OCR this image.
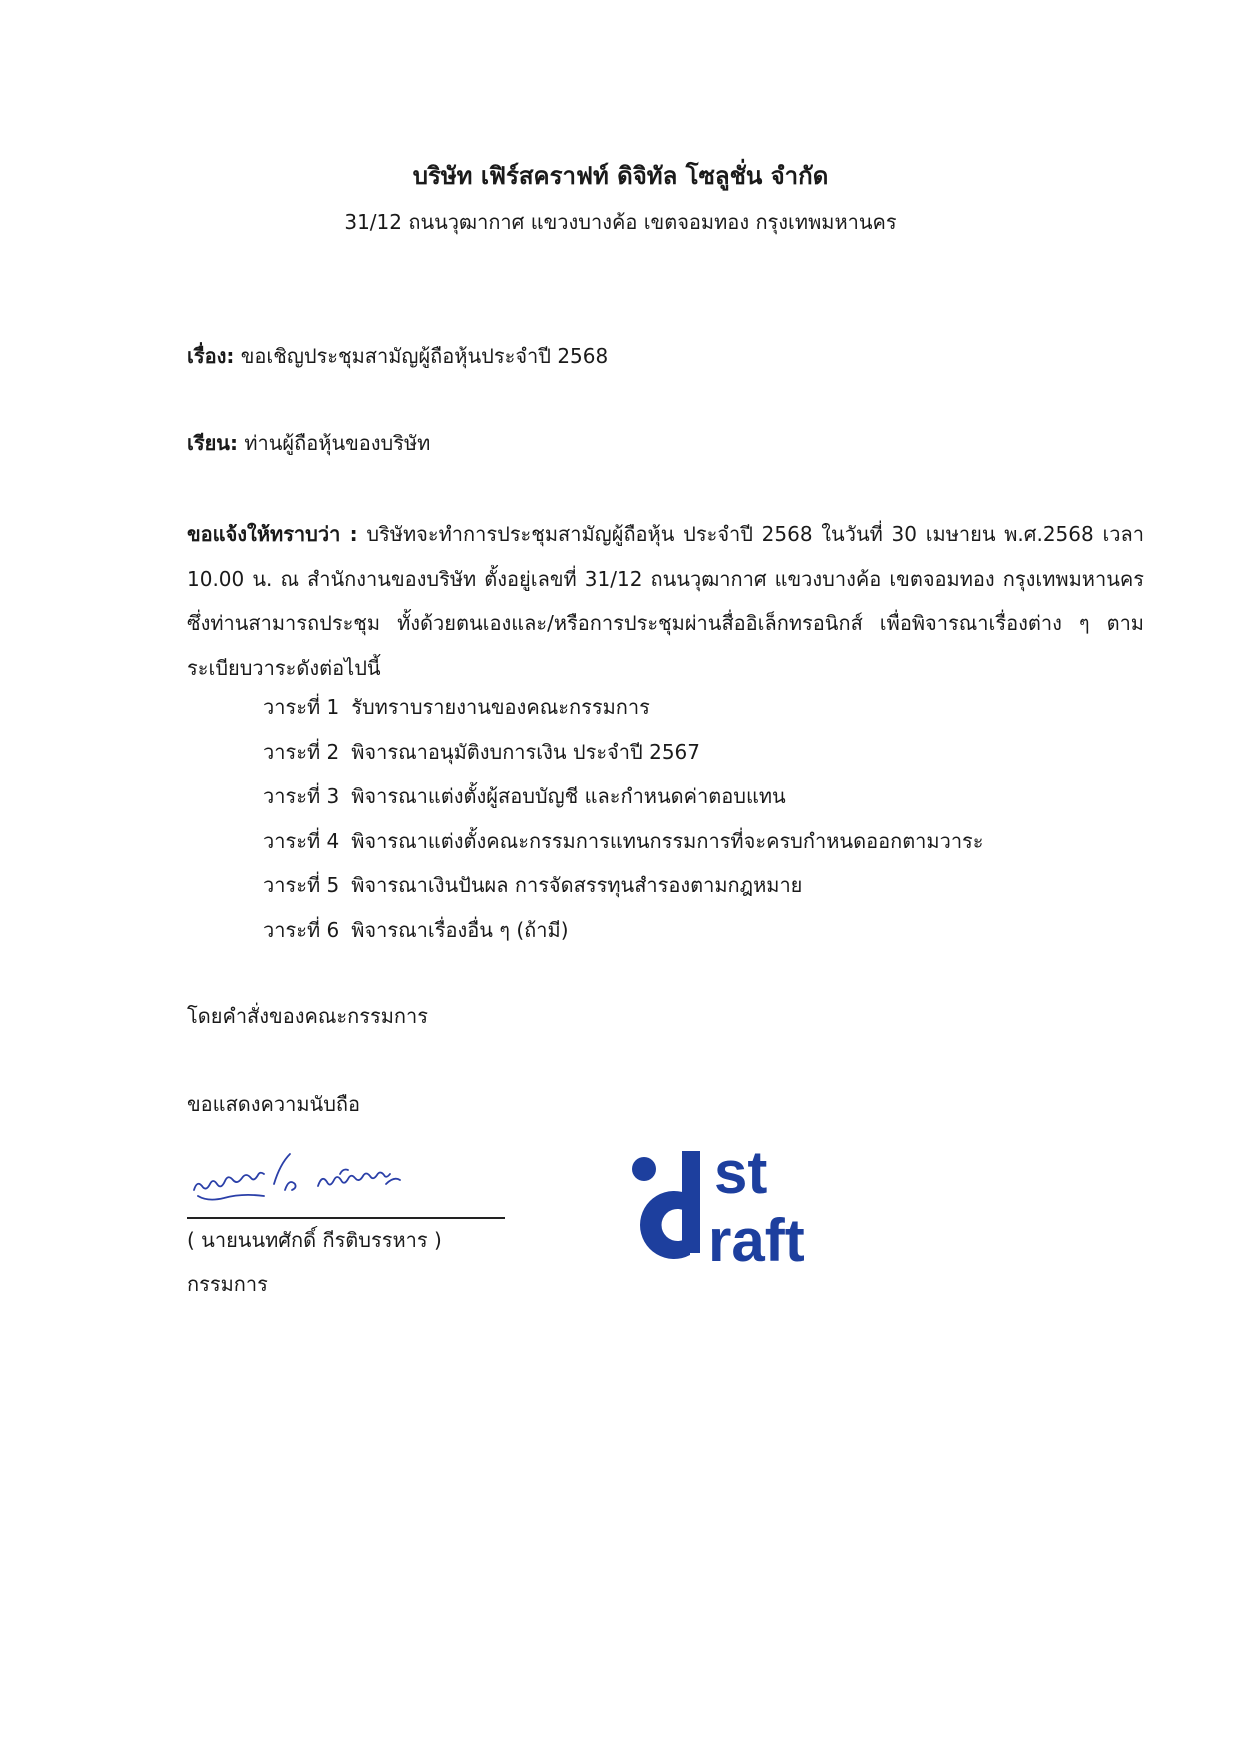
บริษัท เฟิร์สคราฟท์ ดิจิทัล โซลูชั่น จำกัด

31/12 ถนนวุฒากาศ แขวงบางค้อ เขตจอมทอง กรุงเทพมหานคร

เรื่อง: ขอเชิญประชุมสามัญผู้ถือหุ้นประจำปี 2568

เรียน: ท่านผู้ถือหุ้นของบริษัท

ขอแจ้งให้ทราบว่า : บริษัทจะทำการประชุมสามัญผู้ถือหุ้น ประจำปี 2568 ในวันที่ 30 เมษายน พ.ศ.2568 เวลา 10.00 น. ณ สำนักงานของบริษัท ตั้งอยู่เลขที่ 31/12 ถนนวุฒากาศ แขวงบางค้อ เขตจอมทอง กรุงเทพมหานคร ซึ่งท่านสามารถประชุม ทั้งด้วยตนเองและ/หรือการประชุมผ่านสื่ออิเล็กทรอนิกส์ เพื่อพิจารณาเรื่องต่าง ๆ ตามระเบียบวาระดังต่อไปนี้

วาระที่ 1 รับทราบรายงานของคณะกรรมการ
วาระที่ 2 พิจารณาอนุมัติงบการเงิน ประจำปี 2567
วาระที่ 3 พิจารณาแต่งตั้งผู้สอบบัญชี และกำหนดค่าตอบแทน
วาระที่ 4 พิจารณาแต่งตั้งคณะกรรมการแทนกรรมการที่จะครบกำหนดออกตามวาระ
วาระที่ 5 พิจารณาเงินปันผล การจัดสรรทุนสำรองตามกฎหมาย
วาระที่ 6 พิจารณาเรื่องอื่น ๆ (ถ้ามี)

โดยคำสั่งของคณะกรรมการ

ขอแสดงความนับถือ

( นายนนทศักดิ์ กีรติบรรหาร )

กรรมการ

st
raft
